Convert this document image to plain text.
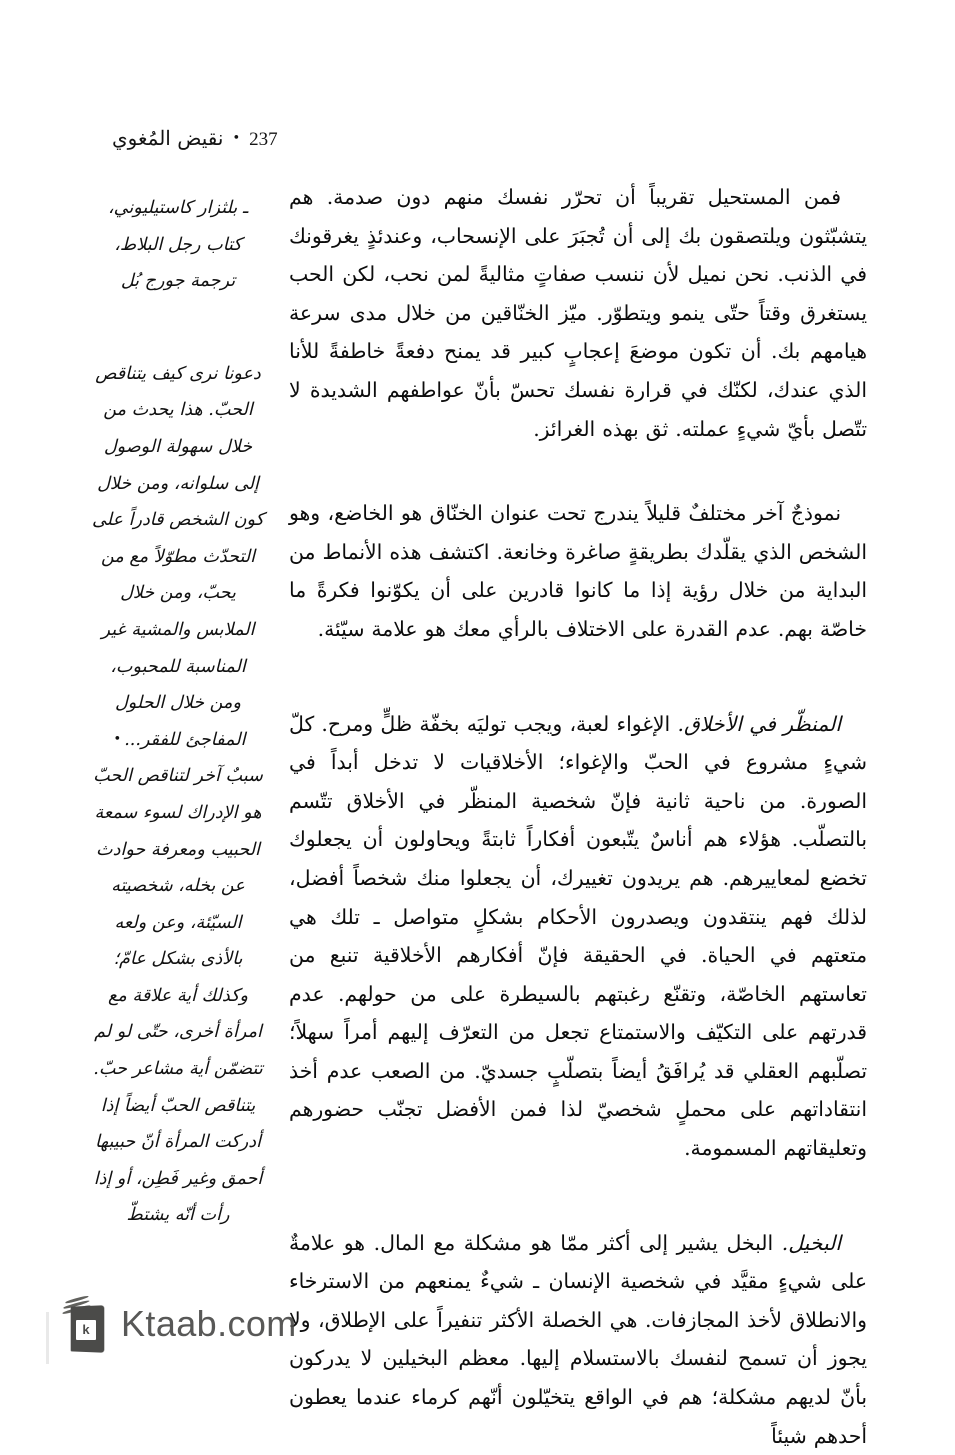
237•نقيض المُغوي

فمن المستحيل تقريباً أن تحرّر نفسك منهم دون صدمة. هم يتشبّثون ويلتصقون بك إلى أن تُجبَرَ على الإنسحاب، وعندئذٍ يغرقونك في الذنب. نحن نميل لأن ننسب صفاتٍ مثاليةً لمن نحب، لكن الحب يستغرق وقتاً حتّى ينمو ويتطوّر. ميّز الخنّاقين من خلال مدى سرعة هيامهم بك. أن تكون موضعَ إعجابٍ كبير قد يمنح دفعةً خاطفةً للأنا الذي عندك، لكنّك في قرارة نفسك تحسّ بأنّ عواطفهم الشديدة لا تتّصل بأيّ شيءٍ عملته. ثق بهذه الغرائز.

نموذجٌ آخر مختلفٌ قليلاً يندرج تحت عنوان الخنّاق هو الخاضع، وهو الشخص الذي يقلّدك بطريقةٍ صاغرة وخانعة. اكتشف هذه الأنماط من البداية من خلال رؤية إذا ما كانوا قادرين على أن يكوّنوا فكرةً ما خاصّة بهم. عدم القدرة على الاختلاف بالرأي معك هو علامة سيّئة.

المنظّر في الأخلاق. الإغواء لعبة، ويجب توليَه بخفّة ظلٍّ ومرح. كلّ شيءٍ مشروع في الحبّ والإغواء؛ الأخلاقيات لا تدخل أبداً في الصورة. من ناحية ثانية فإنّ شخصية المنظّر في الأخلاق تتّسم بالتصلّب. هؤلاء هم أناسٌ يتّبعون أفكاراً ثابتةً ويحاولون أن يجعلوك تخضع لمعاييرهم. هم يريدون تغييرك، أن يجعلوا منك شخصاً أفضل، لذلك فهم ينتقدون ويصدرون الأحكام بشكلٍ متواصل ـ تلك هي متعتهم في الحياة. في الحقيقة فإنّ أفكارهم الأخلاقية تنبع من تعاستهم الخاصّة، وتقنّع رغبتهم بالسيطرة على من حولهم. عدم قدرتهم على التكيّف والاستمتاع تجعل من التعرّف إليهم أمراً سهلاً؛ تصلّبهم العقلي قد يُرافَقُ أيضاً بتصلّبٍ جسديّ. من الصعب عدم أخذ انتقاداتهم على محملٍ شخصيّ لذا فمن الأفضل تجنّب حضورهم وتعليقاتهم المسمومة.

البخيل. البخل يشير إلى أكثر ممّا هو مشكلة مع المال. هو علامةٌ على شيءٍ مقيَّد في شخصية الإنسان ـ شيءٌ يمنعهم من الاسترخاء والانطلاق لأخذ المجازفات. هي الخصلة الأكثر تنفيراً على الإطلاق، ولا يجوز أن تسمح لنفسك بالاستسلام إليها. معظم البخيلين لا يدركون بأنّ لديهم مشكلة؛ هم في الواقع يتخيّلون أنّهم كرماء عندما يعطون أحدهم شيئاً

ـ بلثزار كاستيليوني، كتاب رجل البلاط، ترجمة جورج بُل

دعونا نرى كيف يتناقص الحبّ. هذا يحدث من خلال سهولة الوصول إلى سلوانه، ومن خلال كون الشخص قادراً على التحدّث مطوّلاً مع من يحبّ، ومن خلال الملابس والمشية غير المناسبة للمحبوب، ومن خلال الحلول المفاجئ للفقر...•سببٌ آخر لتناقص الحبّ هو الإدراك لسوء سمعة الحبيب ومعرفة حوادث عن بخله، شخصيته السيّئة، وعن ولعه بالأذى بشكل عامّ؛ وكذلك أية علاقة مع امرأة أخرى، حتّى لو لم تتضمّن أية مشاعر حبّ. يتناقص الحبّ أيضاً إذا أدركت المرأة أنّ حبيبها أحمق وغير فَطِن، أو إذا رأت أنّه يشتطّ

k Ktaab.com
